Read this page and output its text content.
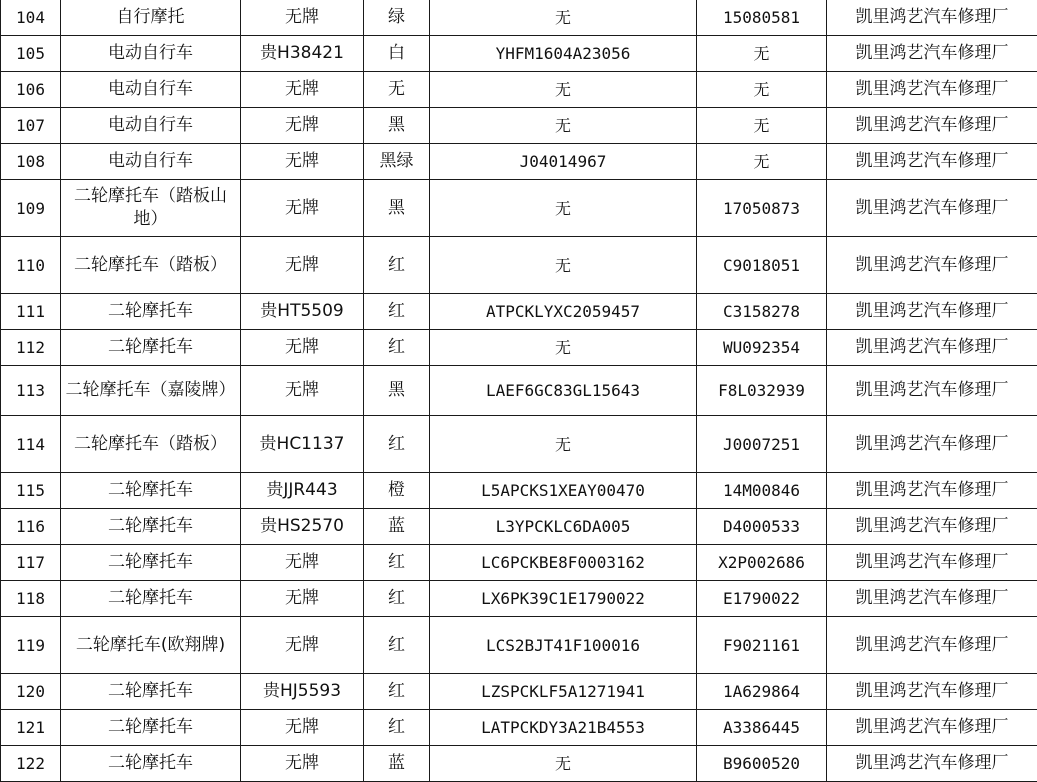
104	自行摩托	无牌	绿	无	15080581	凯里鸿艺汽车修理厂
105	电动自行车	贵H38421	白	YHFM1604A23056	无	凯里鸿艺汽车修理厂
106	电动自行车	无牌	无	无	无	凯里鸿艺汽车修理厂
107	电动自行车	无牌	黑	无	无	凯里鸿艺汽车修理厂
108	电动自行车	无牌	黑绿	J04014967	无	凯里鸿艺汽车修理厂
109	二轮摩托车（踏板山地）	无牌	黑	无	17050873	凯里鸿艺汽车修理厂
110	二轮摩托车（踏板）	无牌	红	无	C9018051	凯里鸿艺汽车修理厂
111	二轮摩托车	贵HT5509	红	ATPCKLYXC2059457	C3158278	凯里鸿艺汽车修理厂
112	二轮摩托车	无牌	红	无	WU092354	凯里鸿艺汽车修理厂
113	二轮摩托车（嘉陵牌）	无牌	黑	LAEF6GC83GL15643	F8L032939	凯里鸿艺汽车修理厂
114	二轮摩托车（踏板）	贵HC1137	红	无	J0007251	凯里鸿艺汽车修理厂
115	二轮摩托车	贵JJR443	橙	L5APCKS1XEAY00470	14M00846	凯里鸿艺汽车修理厂
116	二轮摩托车	贵HS2570	蓝	L3YPCKLC6DA005	D4000533	凯里鸿艺汽车修理厂
117	二轮摩托车	无牌	红	LC6PCKBE8F0003162	X2P002686	凯里鸿艺汽车修理厂
118	二轮摩托车	无牌	红	LX6PK39C1E1790022	E1790022	凯里鸿艺汽车修理厂
119	二轮摩托车(欧翔牌)	无牌	红	LCS2BJT41F100016	F9021161	凯里鸿艺汽车修理厂
120	二轮摩托车	贵HJ5593	红	LZSPCKLF5A1271941	1A629864	凯里鸿艺汽车修理厂
121	二轮摩托车	无牌	红	LATPCKDY3A21B4553	A3386445	凯里鸿艺汽车修理厂
122	二轮摩托车	无牌	蓝	无	B9600520	凯里鸿艺汽车修理厂
